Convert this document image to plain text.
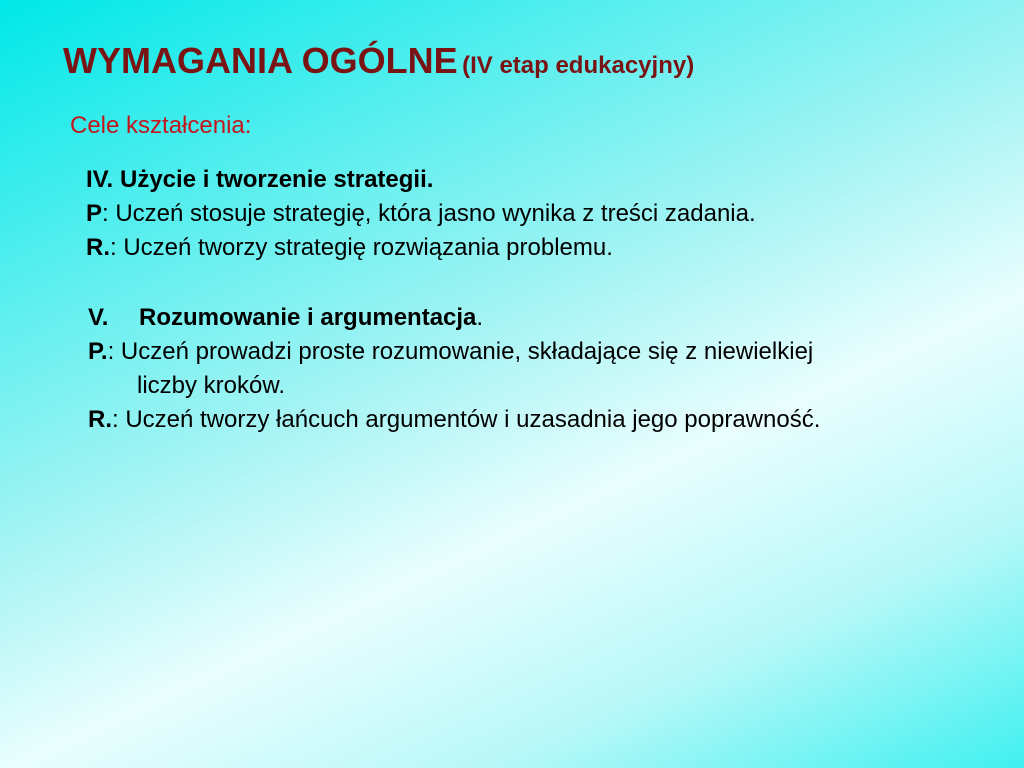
WYMAGANIA OGÓLNE (IV etap edukacyjny)
Cele kształcenia:
IV. Użycie i tworzenie strategii.
P: Uczeń stosuje strategię, która jasno wynika z treści zadania.
R.: Uczeń tworzy strategię rozwiązania problemu.
V. Rozumowanie i argumentacja.
P.: Uczeń prowadzi proste rozumowanie, składające się z niewielkiej
liczby kroków.
R.: Uczeń tworzy łańcuch argumentów i uzasadnia jego poprawność.
